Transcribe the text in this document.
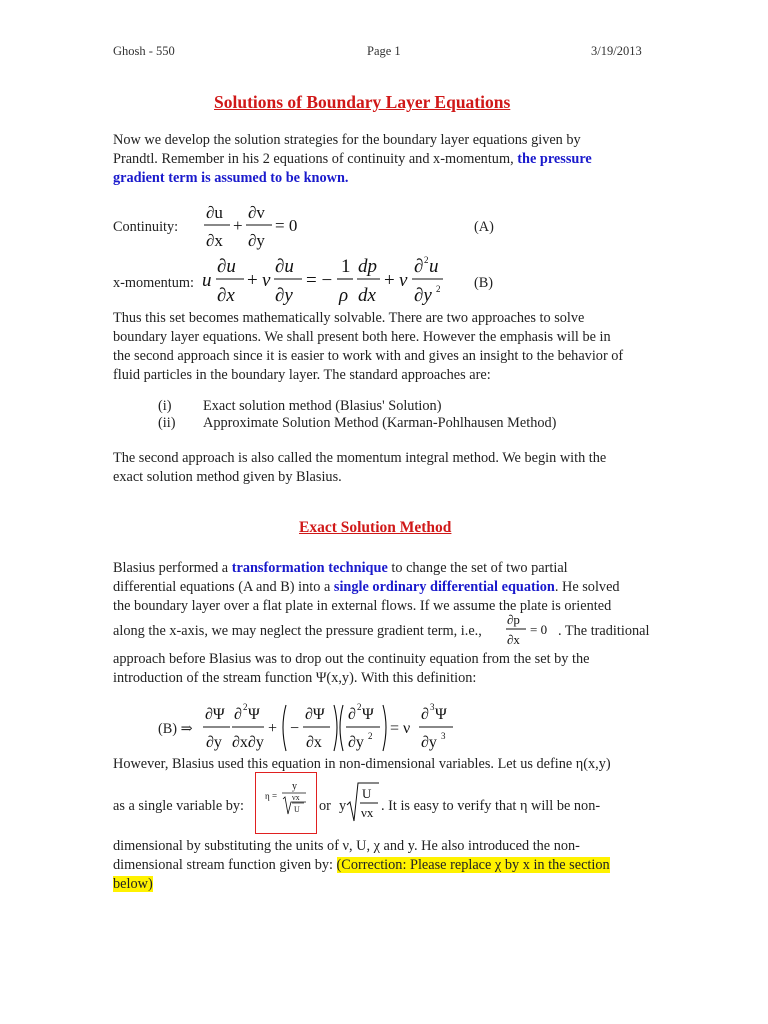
Ghosh - 550	Page 1	3/19/2013
Solutions of Boundary Layer Equations
Now we develop the solution strategies for the boundary layer equations given by
Prandtl. Remember in his 2 equations of continuity and x-momentum, the pressure
gradient term is assumed to be known.
Continuity:
∂u
∂x
+
∂v
∂y
= 0	(A)
x-momentum: u
∂u
∂x
+ v
∂u
∂y
= −
1
ρ
dp
dx
+ v
∂ 2 u
∂y 2 (B)
Thus this set becomes mathematically solvable. There are two approaches to solve
boundary layer equations. We shall present both here. However the emphasis will be in
the second approach since it is easier to work with and gives an insight to the behavior of
fluid particles in the boundary layer. The standard approaches are:
(i) Exact solution method (Blasius' Solution)
(ii) Approximate Solution Method (Karman-Pohlhausen Method)
The second approach is also called the momentum integral method. We begin with the
exact solution method given by Blasius.
Exact Solution Method
Blasius performed a transformation technique to change the set of two partial
differential equations (A and B) into a single ordinary differential equation. He solved
the boundary layer over a flat plate in external flows. If we assume the plate is oriented
along the x-axis, we may neglect the pressure gradient term, i.e.,
∂p
∂x
= 0 . The traditional
approach before Blasius was to drop out the continuity equation from the set by the
introduction of the stream function Ψ(x,y). With this definition:
(B) ⇒
∂Ψ
∂y
∂ 2 Ψ
∂x∂y
+ −
∂Ψ
∂x
∂ 2 Ψ
∂y 2 = ν
∂ 3 Ψ
∂y 3
However, Blasius used this equation in non-dimensional variables. Let us define η(x,y)
as a single variable by:
η =
y
νx
U or y
U
νx . It is easy to verify that η will be non-
dimensional by substituting the units of ν, U, χ and y. He also introduced the non-
dimensional stream function given by: (Correction: Please replace χ by x in the section
below)
